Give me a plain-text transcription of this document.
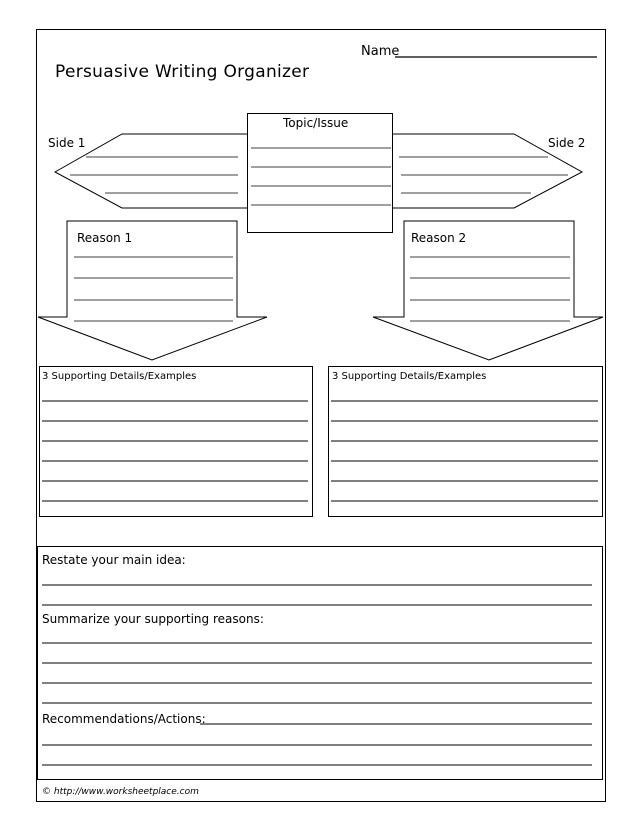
Persuasive Writing Organizer
Name
Topic/Issue
Side 1	Side 2
Reason 1	Reason 2
3 Supporting Details/Examples	3 Supporting Details/Examples
Restate your main idea:
Summarize your supporting reasons:
Recommendations/Actions:
© http://www.worksheetplace.com
